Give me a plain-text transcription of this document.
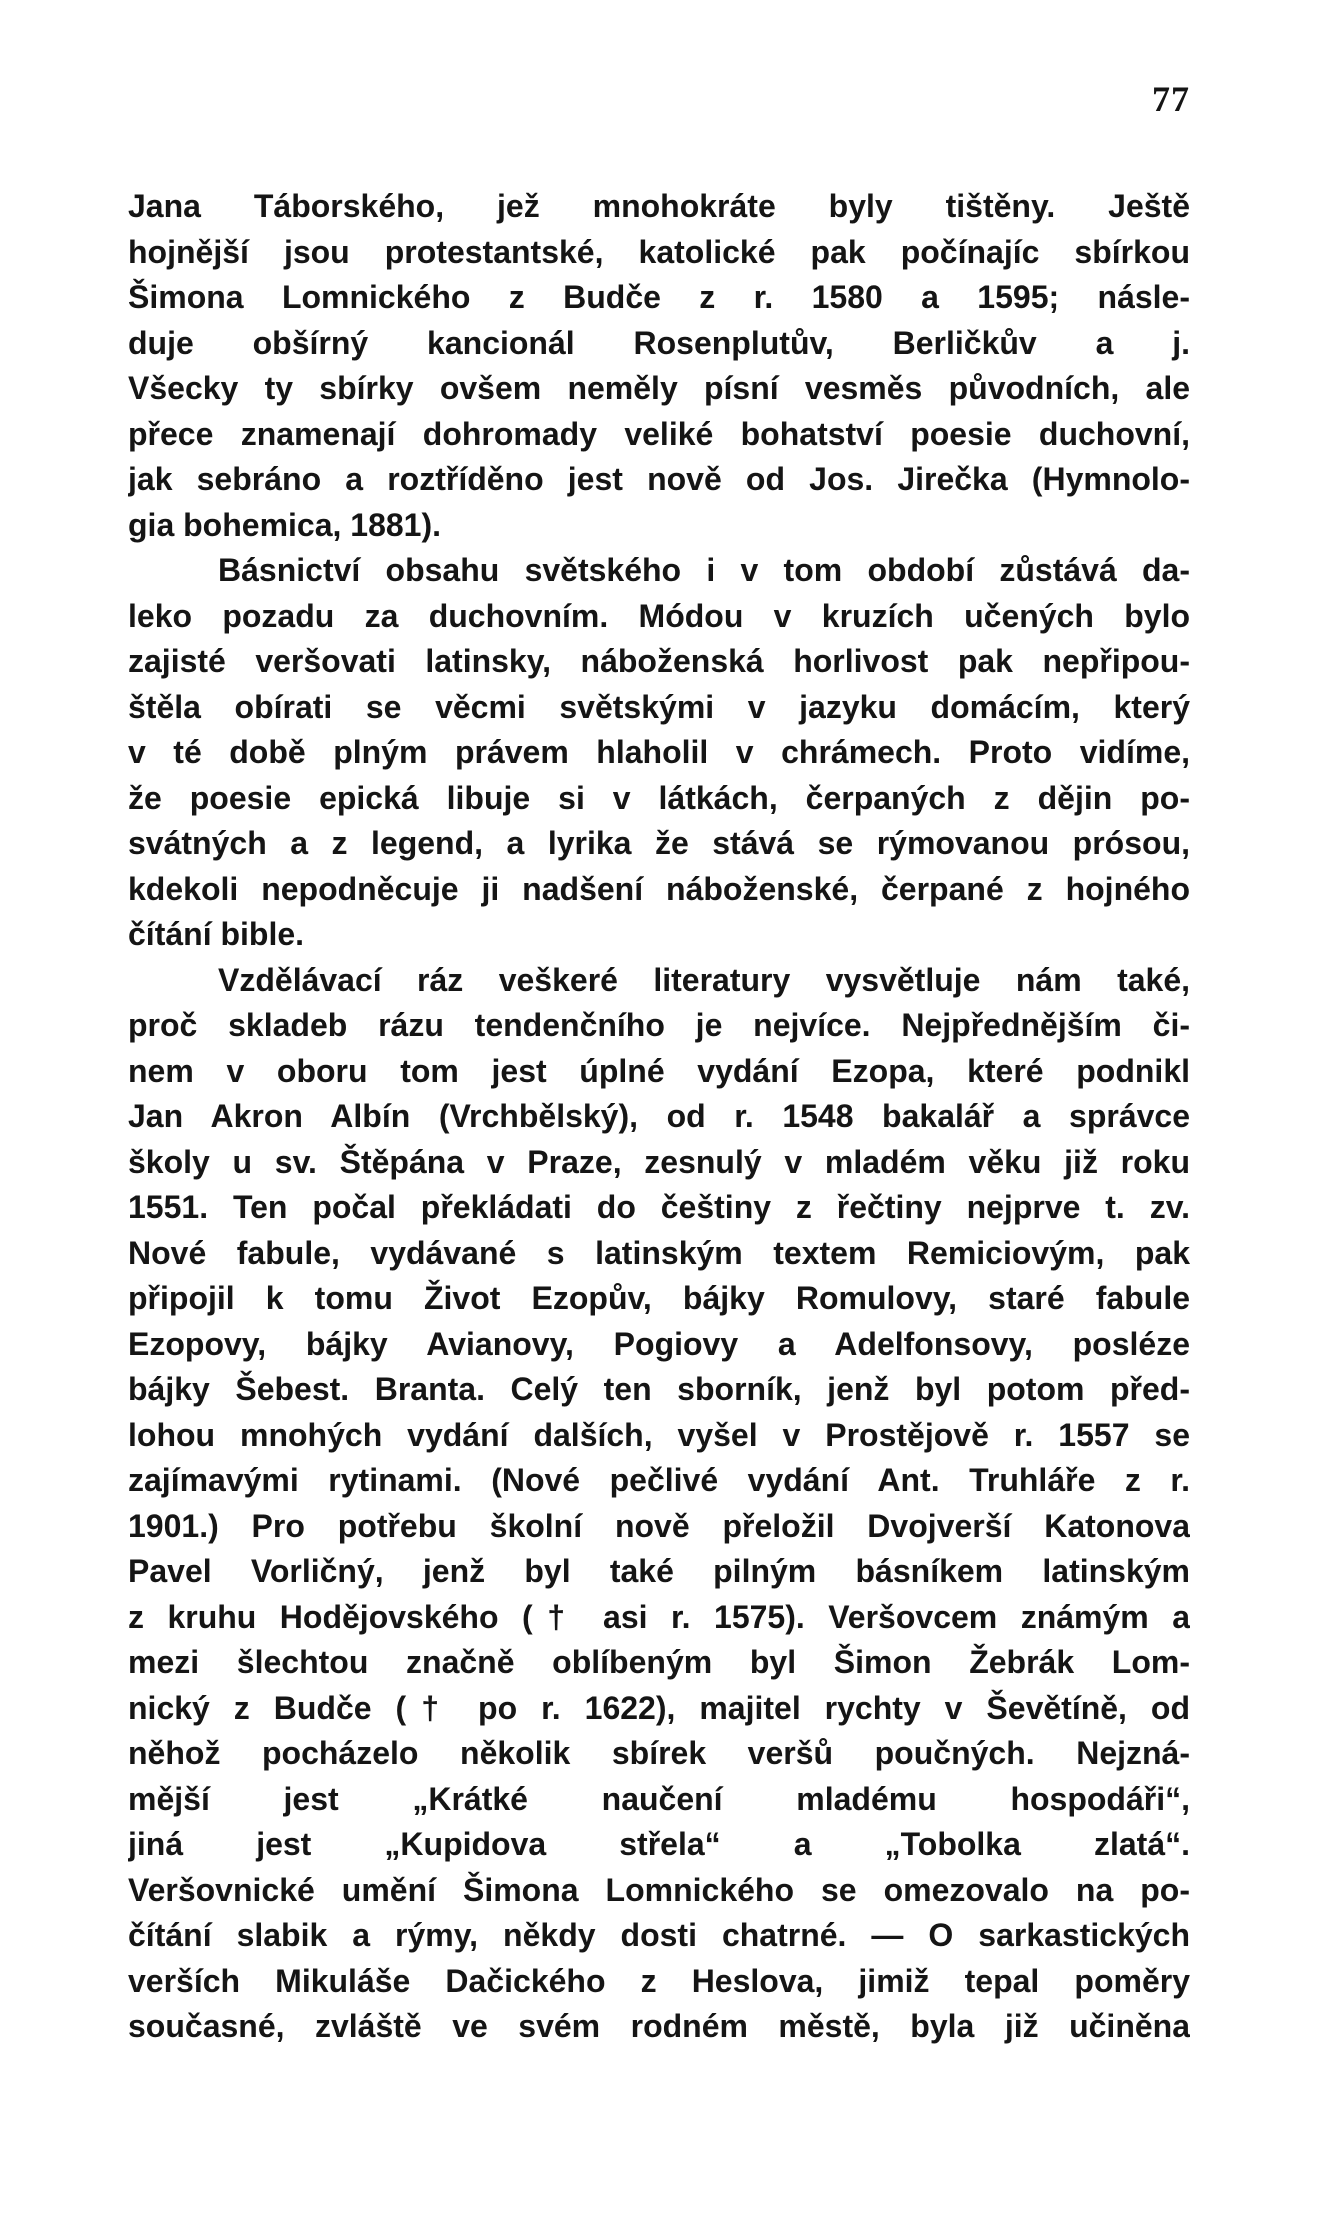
77
Jana Táborského, jež mnohokráte byly tištěny. Ještě
hojnější jsou protestantské, katolické pak počínajíc sbírkou
Šimona Lomnického z Budče z r. 1580 a 1595; násle-
duje obšírný kancionál Rosenplutův, Berličkův a j.
Všecky ty sbírky ovšem neměly písní vesměs původních, ale
přece znamenají dohromady veliké bohatství poesie duchovní,
jak sebráno a roztříděno jest nově od Jos. Jirečka (Hymnolo-
gia bohemica, 1881).
Básnictví obsahu světského i v tom období zůstává da-
leko pozadu za duchovním. Módou v kruzích učených bylo
zajisté veršovati latinsky, náboženská horlivost pak nepřipou-
štěla obírati se věcmi světskými v jazyku domácím, který
v té době plným právem hlaholil v chrámech. Proto vidíme,
že poesie epická libuje si v látkách, čerpaných z dějin po-
svátných a z legend, a lyrika že stává se rýmovanou prósou,
kdekoli nepodněcuje ji nadšení náboženské, čerpané z hojného
čítání bible.
Vzdělávací ráz veškeré literatury vysvětluje nám také,
proč skladeb rázu tendenčního je nejvíce. Nejpřednějším či-
nem v oboru tom jest úplné vydání Ezopa, které podnikl
Jan Akron Albín (Vrchbělský), od r. 1548 bakalář a správce
školy u sv. Štěpána v Praze, zesnulý v mladém věku již roku
1551. Ten počal překládati do češtiny z řečtiny nejprve t. zv.
Nové fabule, vydávané s latinským textem Remiciovým, pak
připojil k tomu Život Ezopův, bájky Romulovy, staré fabule
Ezopovy, bájky Avianovy, Pogiovy a Adelfonsovy, posléze
bájky Šebest. Branta. Celý ten sborník, jenž byl potom před-
lohou mnohých vydání dalších, vyšel v Prostějově r. 1557 se
zajímavými rytinami. (Nové pečlivé vydání Ant. Truhláře z r.
1901.) Pro potřebu školní nově přeložil Dvojverší Katonova
Pavel Vorličný, jenž byl také pilným básníkem latinským
z kruhu Hodějovského († asi r. 1575). Veršovcem známým a
mezi šlechtou značně oblíbeným byl Šimon Žebrák Lom-
nický z Budče († po r. 1622), majitel rychty v Ševětíně, od
něhož pocházelo několik sbírek veršů poučných. Nejzná-
mější jest „Krátké naučení mladému hospodáři“,
jiná jest „Kupidova střela“ a „Tobolka zlatá“.
Veršovnické umění Šimona Lomnického se omezovalo na po-
čítání slabik a rýmy, někdy dosti chatrné. — O sarkastických
verších Mikuláše Dačického z Heslova, jimiž tepal poměry
současné, zvláště ve svém rodném městě, byla již učiněna
